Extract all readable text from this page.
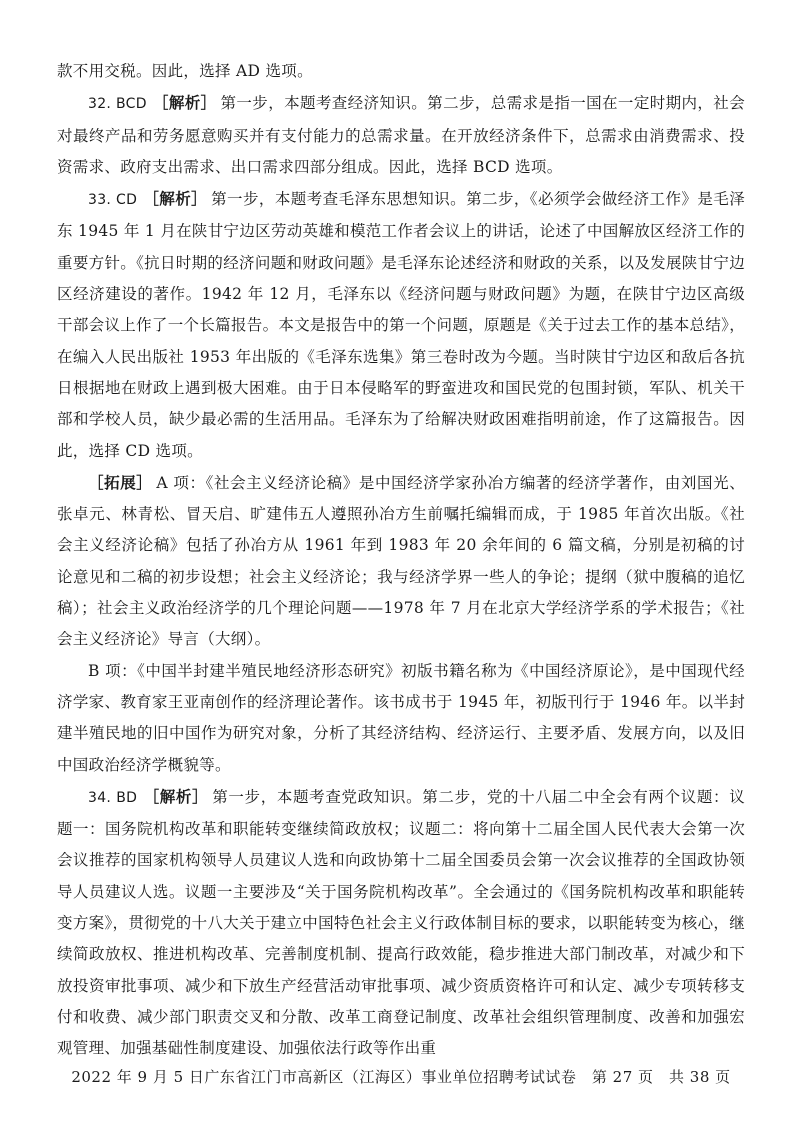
款不用交税。因此，选择 AD 选项。

32. BCD ［解析］ 第一步，本题考查经济知识。第二步，总需求是指一国在一定时期内，社会对最终产品和劳务愿意购买并有支付能力的总需求量。在开放经济条件下，总需求由消费需求、投资需求、政府支出需求、出口需求四部分组成。因此，选择 BCD 选项。

33. CD ［解析］ 第一步，本题考查毛泽东思想知识。第二步，《必须学会做经济工作》是毛泽东 1945 年 1 月在陕甘宁边区劳动英雄和模范工作者会议上的讲话，论述了中国解放区经济工作的重要方针。《抗日时期的经济问题和财政问题》是毛泽东论述经济和财政的关系，以及发展陕甘宁边区经济建设的著作。1942 年 12 月，毛泽东以《经济问题与财政问题》为题，在陕甘宁边区高级干部会议上作了一个长篇报告。本文是报告中的第一个问题，原题是《关于过去工作的基本总结》，在编入人民出版社 1953 年出版的《毛泽东选集》第三卷时改为今题。当时陕甘宁边区和敌后各抗日根据地在财政上遇到极大困难。由于日本侵略军的野蛮进攻和国民党的包围封锁，军队、机关干部和学校人员，缺少最必需的生活用品。毛泽东为了给解决财政困难指明前途，作了这篇报告。因此，选择 CD 选项。

［拓展］ A 项：《社会主义经济论稿》是中国经济学家孙冶方编著的经济学著作，由刘国光、张卓元、林青松、冒天启、旷建伟五人遵照孙冶方生前嘱托编辑而成，于 1985 年首次出版。《社会主义经济论稿》包括了孙冶方从 1961 年到 1983 年 20 余年间的 6 篇文稿，分别是初稿的讨论意见和二稿的初步设想；社会主义经济论；我与经济学界一些人的争论；提纲（狱中腹稿的追忆稿）；社会主义政治经济学的几个理论问题——1978 年 7 月在北京大学经济学系的学术报告；《社会主义经济论》导言（大纲）。

B 项：《中国半封建半殖民地经济形态研究》初版书籍名称为《中国经济原论》，是中国现代经济学家、教育家王亚南创作的经济理论著作。该书成书于 1945 年，初版刊行于 1946 年。以半封建半殖民地的旧中国作为研究对象，分析了其经济结构、经济运行、主要矛盾、发展方向，以及旧中国政治经济学概貌等。

34. BD ［解析］ 第一步，本题考查党政知识。第二步，党的十八届二中全会有两个议题：议题一：国务院机构改革和职能转变继续简政放权；议题二：将向第十二届全国人民代表大会第一次会议推荐的国家机构领导人员建议人选和向政协第十二届全国委员会第一次会议推荐的全国政协领导人员建议人选。议题一主要涉及“关于国务院机构改革”。全会通过的《国务院机构改革和职能转变方案》，贯彻党的十八大关于建立中国特色社会主义行政体制目标的要求，以职能转变为核心，继续简政放权、推进机构改革、完善制度机制、提高行政效能，稳步推进大部门制改革，对减少和下放投资审批事项、减少和下放生产经营活动审批事项、减少资质资格许可和认定、减少专项转移支付和收费、减少部门职责交叉和分散、改革工商登记制度、改革社会组织管理制度、改善和加强宏观管理、加强基础性制度建设、加强依法行政等作出重

2022 年 9 月 5 日广东省江门市高新区（江海区）事业单位招聘考试试卷　第 27 页　共 38 页
